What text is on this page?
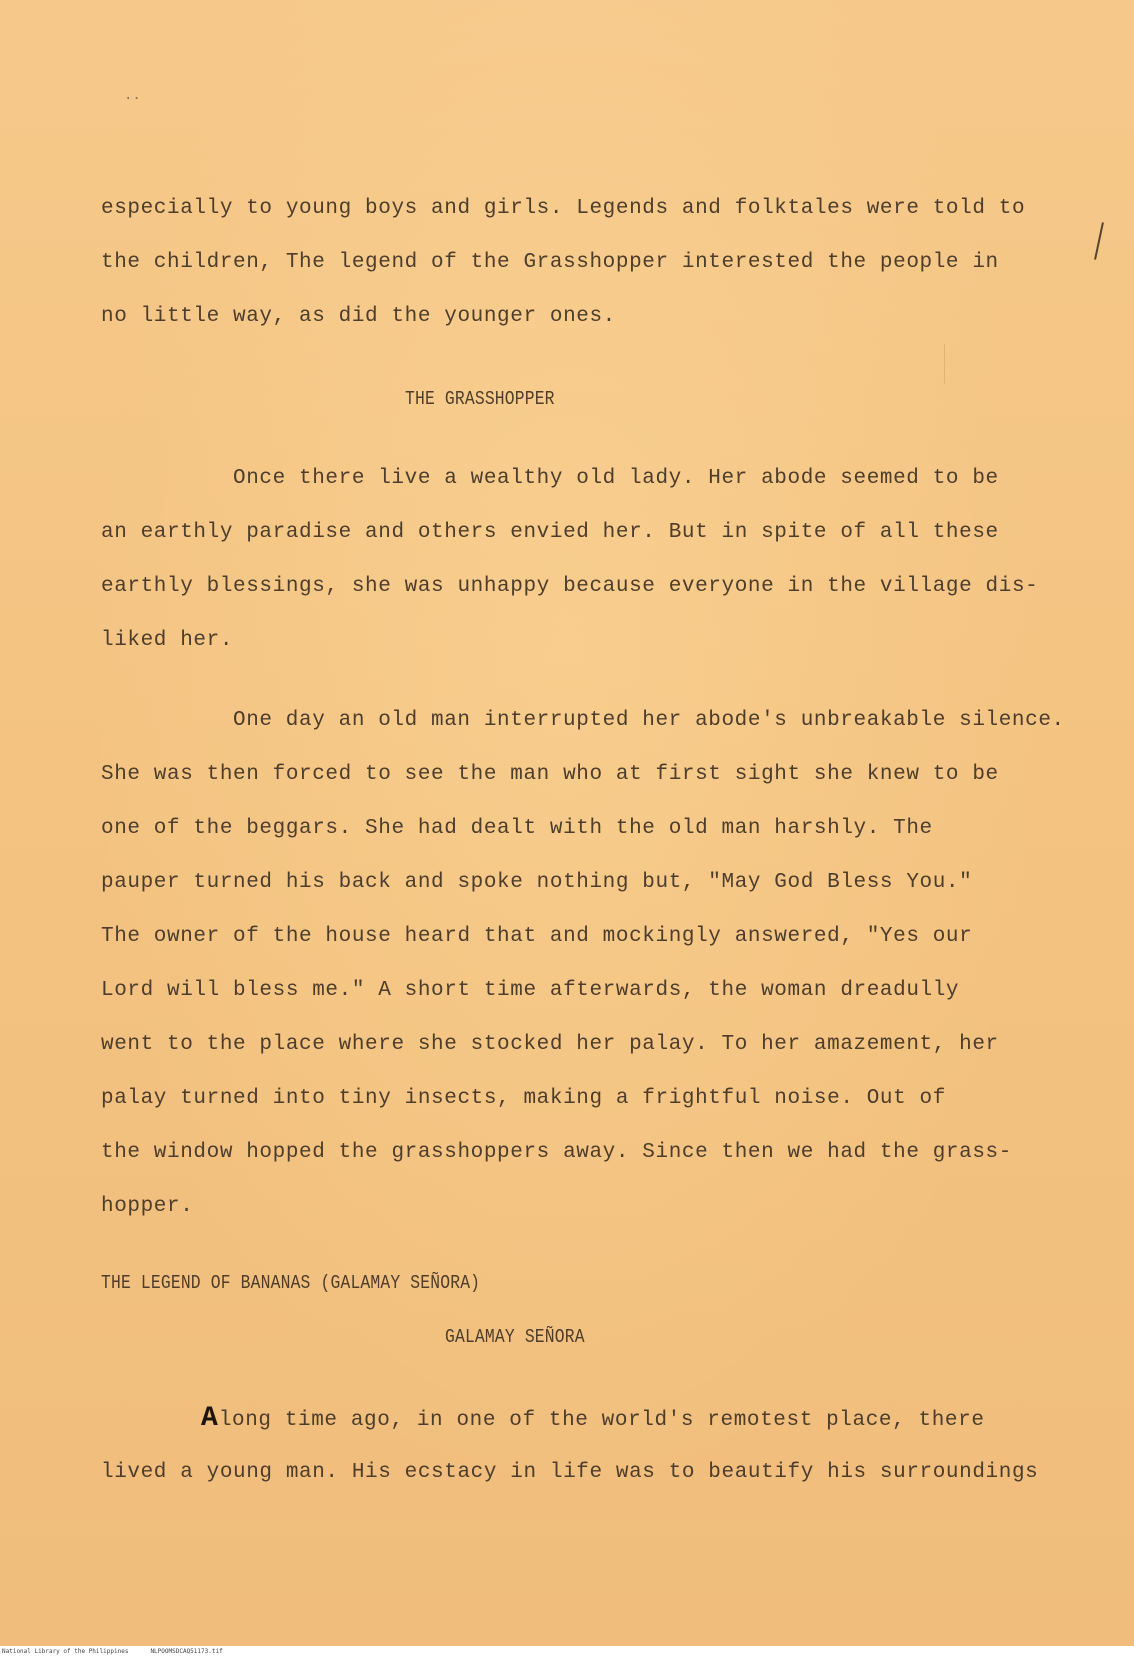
..
especially to young boys and girls. Legends and folktales were told to
the children, The legend of the Grasshopper interested the people in
no little way, as did the younger ones.
THE GRASSHOPPER
Once there live a wealthy old lady. Her abode seemed to be
an earthly paradise and others envied her. But in spite of all these
earthly blessings, she was unhappy because everyone in the village dis-
liked her.
One day an old man interrupted her abode's unbreakable silence.
She was then forced to see the man who at first sight she knew to be
one of the beggars. She had dealt with the old man harshly. The
pauper turned his back and spoke nothing but, "May God Bless You."
The owner of the house heard that and mockingly answered, "Yes our
Lord will bless me." A short time afterwards, the woman dreadully
went to the place where she stocked her palay. To her amazement, her
palay turned into tiny insects, making a frightful noise. Out of
the window hopped the grasshoppers away. Since then we had the grass-
hopper.
THE LEGEND OF BANANAS (GALAMAY SEÑORA)
GALAMAY SEÑORA
Along time ago, in one of the world's remotest place, there
lived a young man. His ecstacy in life was to beautify his surroundings
National Library of the Philippines	NLPOOMSDCAQ51173.tif
